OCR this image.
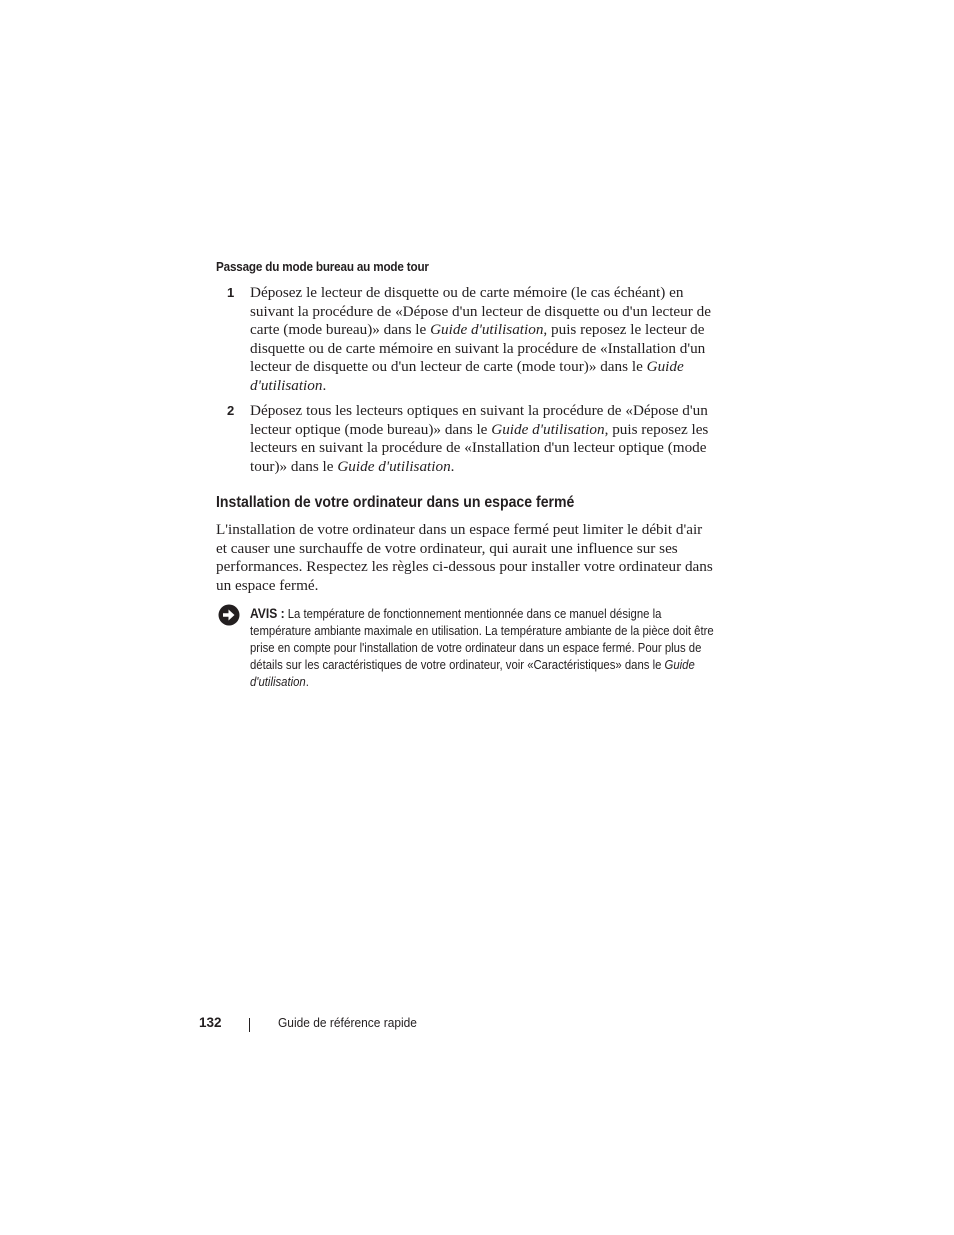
Passage du mode bureau au mode tour
1 Déposez le lecteur de disquette ou de carte mémoire (le cas échéant) en suivant la procédure de «Dépose d'un lecteur de disquette ou d'un lecteur de carte (mode bureau)» dans le Guide d'utilisation, puis reposez le lecteur de disquette ou de carte mémoire en suivant la procédure de «Installation d'un lecteur de disquette ou d'un lecteur de carte (mode tour)» dans le Guide d'utilisation.
2 Déposez tous les lecteurs optiques en suivant la procédure de «Dépose d'un lecteur optique (mode bureau)» dans le Guide d'utilisation, puis reposez les lecteurs en suivant la procédure de «Installation d'un lecteur optique (mode tour)» dans le Guide d'utilisation.
Installation de votre ordinateur dans un espace fermé
L'installation de votre ordinateur dans un espace fermé peut limiter le débit d'air et causer une surchauffe de votre ordinateur, qui aurait une influence sur ses performances. Respectez les règles ci-dessous pour installer votre ordinateur dans un espace fermé.
AVIS : La température de fonctionnement mentionnée dans ce manuel désigne la température ambiante maximale en utilisation. La température ambiante de la pièce doit être prise en compte pour l'installation de votre ordinateur dans un espace fermé. Pour plus de détails sur les caractéristiques de votre ordinateur, voir «Caractéristiques» dans le Guide d'utilisation.
132	Guide de référence rapide
